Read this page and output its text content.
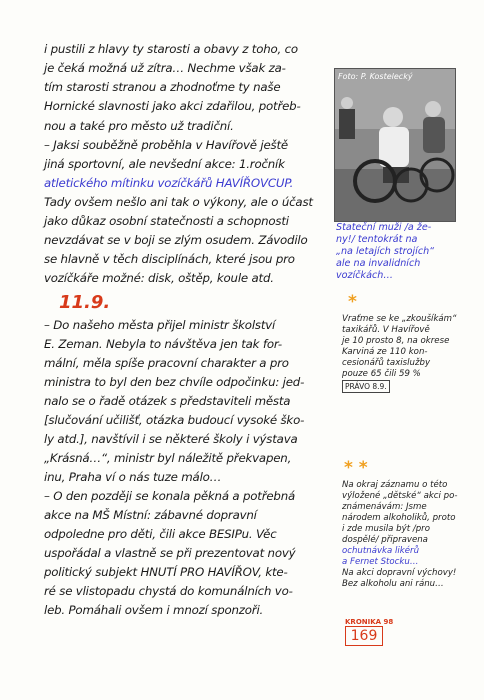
i pustili z hlavy ty starosti a obavy z toho, co
je čeká možná už zítra… Nechme však za-
tím starosti stranou a zhodnoťme ty naše
Hornické slavnosti jako akci zdařilou, potřeb-
nou a také pro město už tradiční.
– Jaksi souběžně proběhla v Havířově ještě
jiná sportovní, ale nevšední akce: 1.ročník
atletického mítinku vozíčkářů HAVÍŘOVCUP.
Tady ovšem nešlo ani tak o výkony, ale o účast
jako důkaz osobní statečnosti a schopnosti
nevzdávat se v boji se zlým osudem. Závodilo
se hlavně v těch disciplínách, které jsou pro
vozíčkáře možné: disk, oštěp, koule atd.
11.9.
– Do našeho města přijel ministr školství
E. Zeman. Nebyla to návštěva jen tak for-
mální, měla spíše pracovní charakter a pro
ministra to byl den bez chvíle odpočinku: jed-
nalo se o řadě otázek s představiteli města
[slučování učilišť, otázka budoucí vysoké ško-
ly atd.], navštívil i se některé školy i výstava
„Krásná…“, ministr byl náležitě překvapen,
inu, Praha ví o nás tuze málo…
– O den později se konala pěkná a potřebná
akce na MŠ Místní: zábavné dopravní
odpoledne pro děti, čili akce BESIPu. Věc
uspořádal a vlastně se při prezentovat nový
politický subjekt HNUTÍ PRO HAVÍŘOV, kte-
ré se vlistopadu chystá do komunálních vo-
leb. Pomáhali ovšem i mnozí sponzoři.
Foto: P. Kostelecký
Stateční muži /a že-
ny!/ tentokrát na
„na letajích strojích“
ale na invalidních
vozíčkách…
*
Vraťme se ke „zkoušíkám“
taxikářů. V Havířově
je 10 prosto 8, na okrese
Karviná ze 110 kon-
cesionářů taxislužby
pouze 65 čili 59 %
PRÁVO 8.9.
* *
Na okraj záznamu o této
výložené „dětské“ akci po-
známenávám: Jsme
národem alkoholiků, proto
i zde musila být /pro
dospělé/ připravena
ochutnávka likérů
a Fernet Stocku…
Na akci dopravní výchovy!
Bez alkoholu ani ránu…
KRONIKA 98
169
